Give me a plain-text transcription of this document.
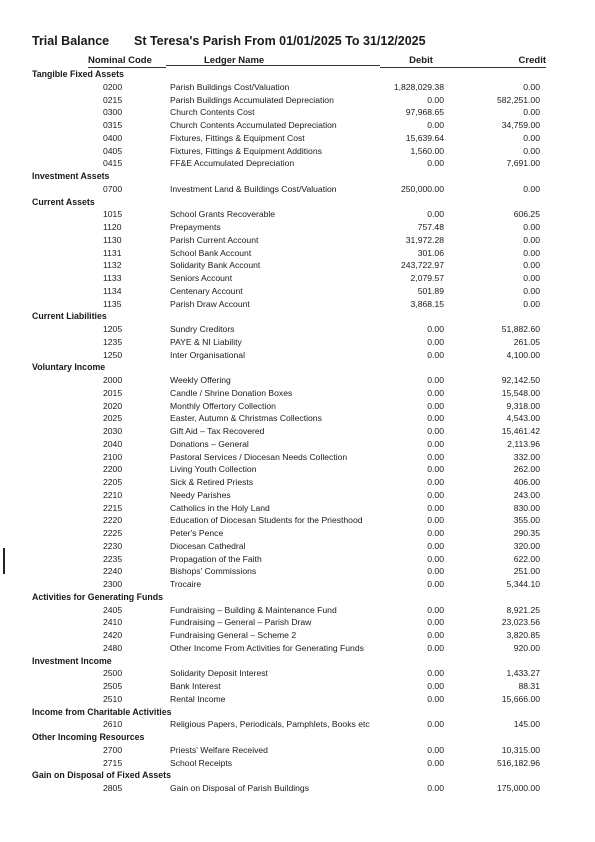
Trial Balance St Teresa's Parish From 01/01/2025 To 31/12/2025
Nominal Code	Ledger Name	Debit	Credit
Tangible Fixed Assets
0200	Parish Buildings Cost/Valuation	1,828,029.38	0.00
0215	Parish Buildings Accumulated Depreciation	0.00	582,251.00
0300	Church Contents Cost	97,968.65	0.00
0315	Church Contents Accumulated Depreciation	0.00	34,759.00
0400	Fixtures, Fittings & Equipment Cost	15,639.64	0.00
0405	Fixtures, Fittings & Equipment Additions	1,560.00	0.00
0415	FF&E Accumulated Depreciation	0.00	7,691.00
Investment Assets
0700	Investment Land & Buildings Cost/Valuation	250,000.00	0.00
Current Assets
1015	School Grants Recoverable	0.00	606.25
1120	Prepayments	757.48	0.00
1130	Parish Current Account	31,972.28	0.00
1131	School Bank Account	301.06	0.00
1132	Solidarity Bank Account	243,722.97	0.00
1133	Seniors Account	2,079.57	0.00
1134	Centenary Account	501.89	0.00
1135	Parish Draw Account	3,868.15	0.00
Current Liabilities
1205	Sundry Creditors	0.00	51,882.60
1235	PAYE & NI Liability	0.00	261.05
1250	Inter Organisational	0.00	4,100.00
Voluntary Income
2000	Weekly Offering	0.00	92,142.50
2015	Candle / Shrine Donation Boxes	0.00	15,548.00
2020	Monthly Offertory Collection	0.00	9,318.00
2025	Easter, Autumn & Christmas Collections	0.00	4,543.00
2030	Gift Aid – Tax Recovered	0.00	15,461.42
2040	Donations – General	0.00	2,113.96
2100	Pastoral Services / Diocesan Needs Collection	0.00	332.00
2200	Living Youth Collection	0.00	262.00
2205	Sick & Retired Priests	0.00	406.00
2210	Needy Parishes	0.00	243.00
2215	Catholics in the Holy Land	0.00	830.00
2220	Education of Diocesan Students for the Priesthood	0.00	355.00
2225	Peter's Pence	0.00	290.35
2230	Diocesan Cathedral	0.00	320.00
2235	Propagation of the Faith	0.00	622.00
2240	Bishops' Commissions	0.00	251.00
2300	Trocaire	0.00	5,344.10
Activities for Generating Funds
2405	Fundraising – Building & Maintenance Fund	0.00	8,921.25
2410	Fundraising – General – Parish Draw	0.00	23,023.56
2420	Fundraising General – Scheme 2	0.00	3,820.85
2480	Other Income From Activities for Generating Funds	0.00	920.00
Investment Income
2500	Solidarity Deposit Interest	0.00	1,433.27
2505	Bank Interest	0.00	88.31
2510	Rental Income	0.00	15,666.00
Income from Charitable Activities
2610	Religious Papers, Periodicals, Pamphlets, Books etc	0.00	145.00
Other Incoming Resources
2700	Priests' Welfare Received	0.00	10,315.00
2715	School Receipts	0.00	516,182.96
Gain on Disposal of Fixed Assets
2805	Gain on Disposal of Parish Buildings	0.00	175,000.00
